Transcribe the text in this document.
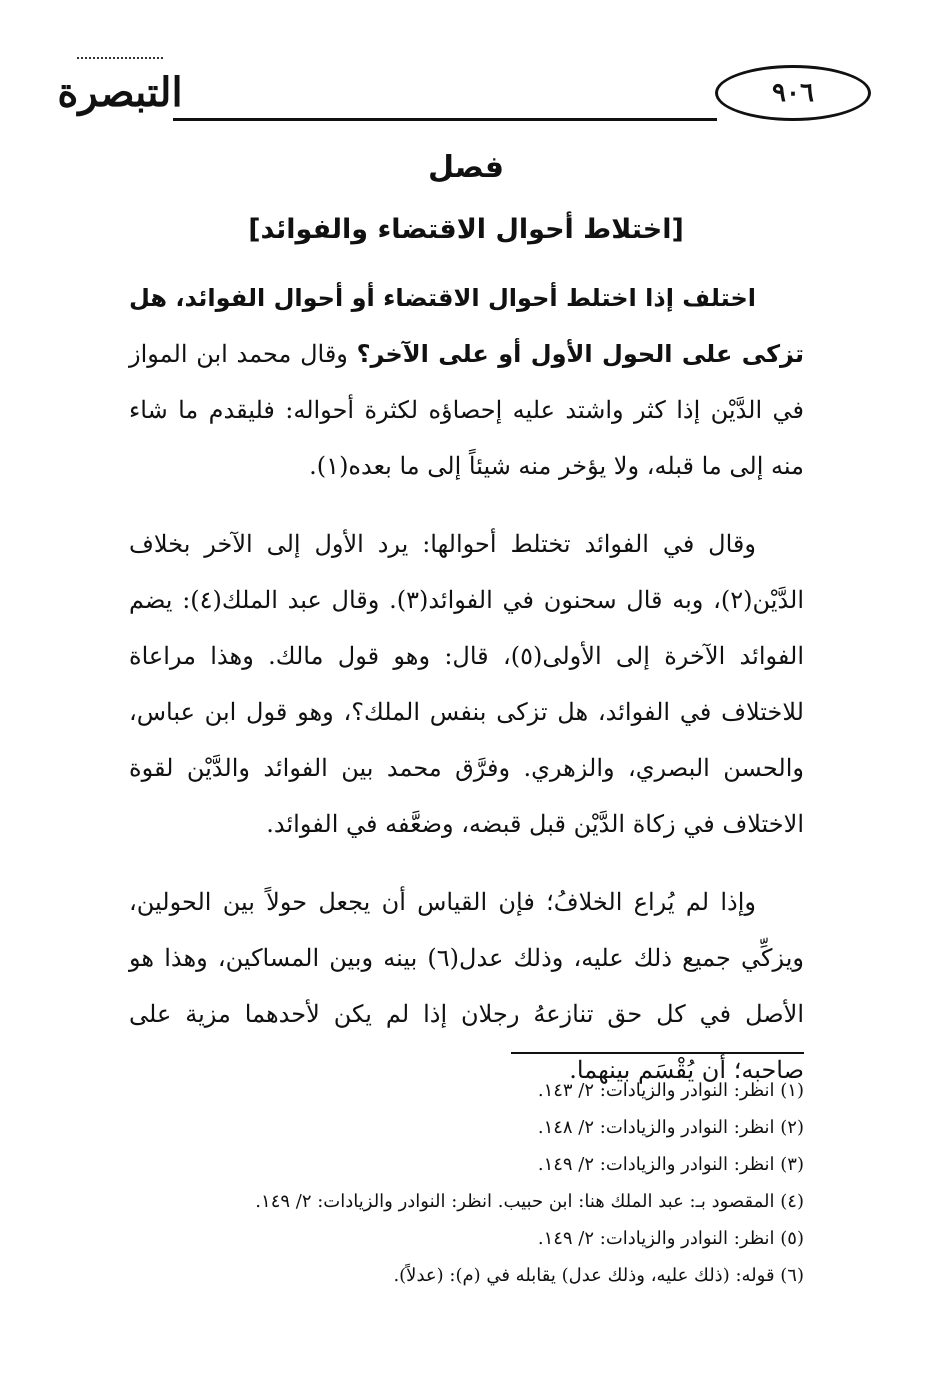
التبصرة	٩٠٦
فصل
[اختلاط أحوال الاقتضاء والفوائد]

اختلف إذا اختلط أحوال الاقتضاء أو أحوال الفوائد، هل تزكى على الحول الأول أو على الآخر؟ وقال محمد ابن المواز في الدَّيْن إذا كثر واشتد عليه إحصاؤه لكثرة أحواله: فليقدم ما شاء منه إلى ما قبله، ولا يؤخر منه شيئاً إلى ما بعده(١).

وقال في الفوائد تختلط أحوالها: يرد الأول إلى الآخر بخلاف الدَّيْن(٢)، وبه قال سحنون في الفوائد(٣). وقال عبد الملك(٤): يضم الفوائد الآخرة إلى الأولى(٥)، قال: وهو قول مالك. وهذا مراعاة للاختلاف في الفوائد، هل تزكى بنفس الملك؟، وهو قول ابن عباس، والحسن البصري، والزهري. وفرَّق محمد بين الفوائد والدَّيْن لقوة الاختلاف في زكاة الدَّيْن قبل قبضه، وضعَّفه في الفوائد.

وإذا لم يُراع الخلافُ؛ فإن القياس أن يجعل حولاً بين الحولين، ويزكِّي جميع ذلك عليه، وذلك عدل(٦) بينه وبين المساكين، وهذا هو الأصل في كل حق تنازعهُ رجلان إذا لم يكن لأحدهما مزية على صاحبه؛ أن يُقْسَم بينهما.

(١) انظر: النوادر والزيادات: ٢/ ١٤٣.
(٢) انظر: النوادر والزيادات: ٢/ ١٤٨.
(٣) انظر: النوادر والزيادات: ٢/ ١٤٩.
(٤) المقصود بـ: عبد الملك هنا: ابن حبيب. انظر: النوادر والزيادات: ٢/ ١٤٩.
(٥) انظر: النوادر والزيادات: ٢/ ١٤٩.
(٦) قوله: (ذلك عليه، وذلك عدل) يقابله في (م): (عدلاً).
